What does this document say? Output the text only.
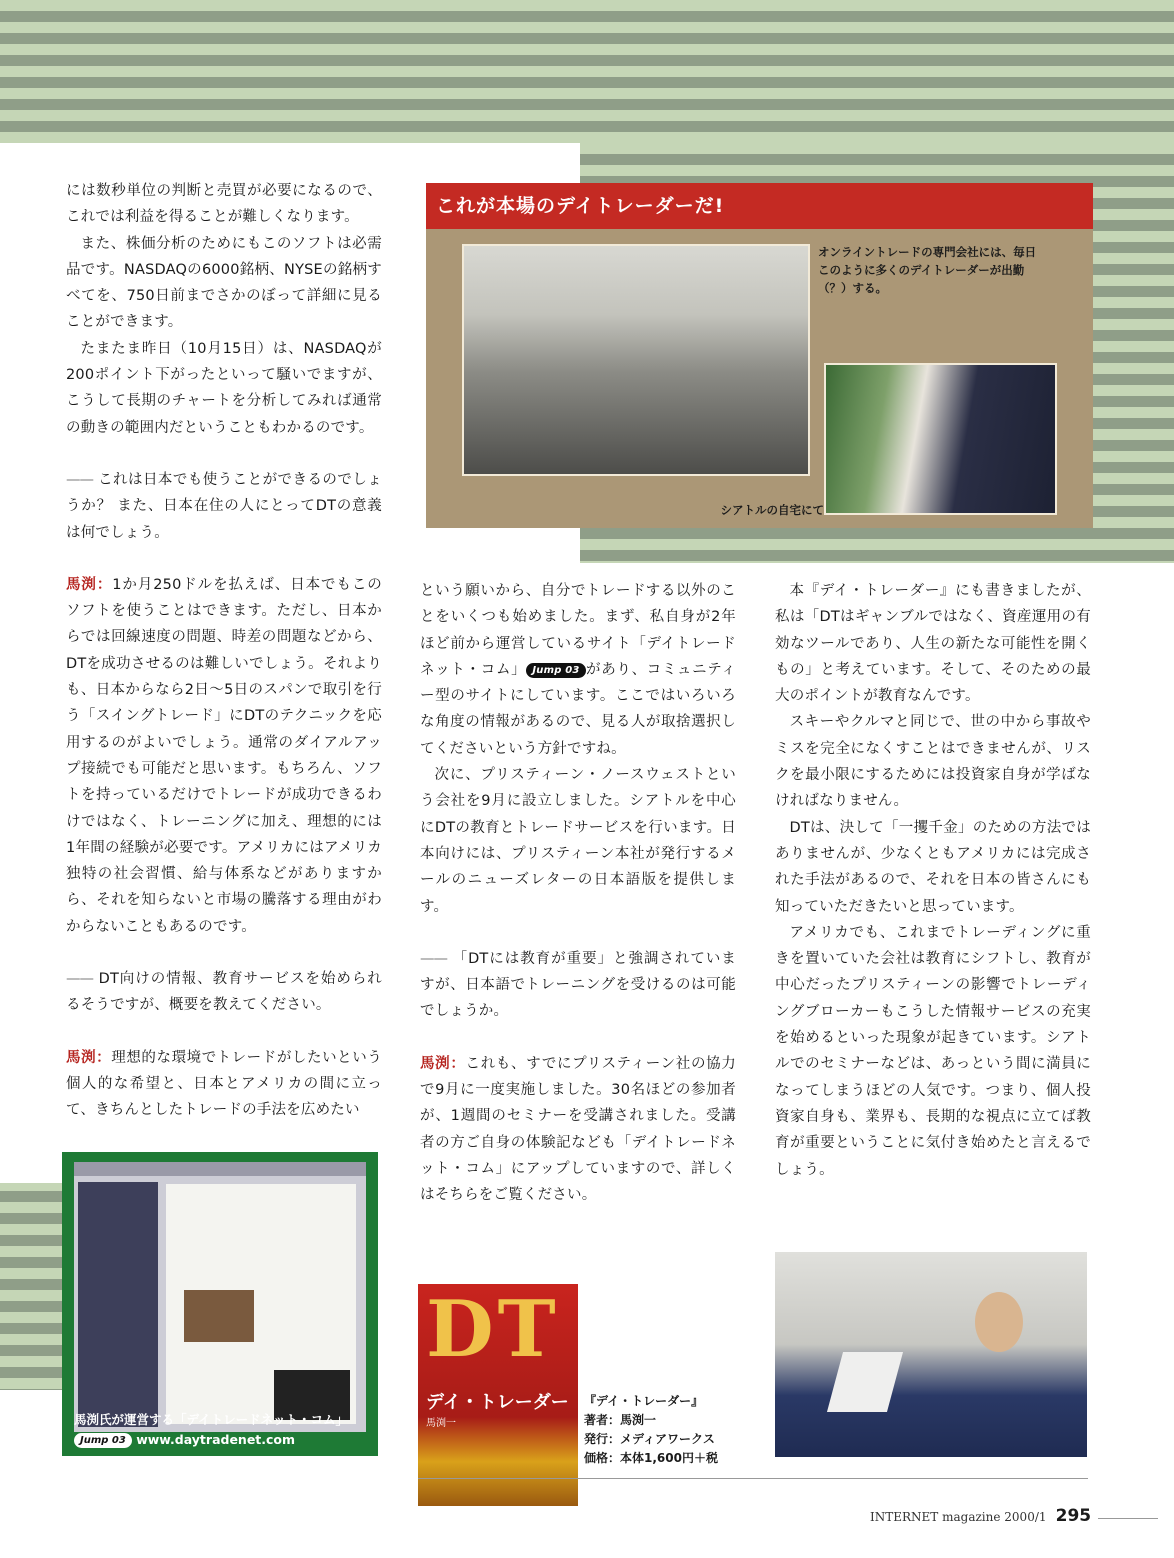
には数秒単位の判断と売買が必要になるので、これでは利益を得ることが難しくなります。

また、株価分析のためにもこのソフトは必需品です。NASDAQの6000銘柄、NYSEの銘柄すべてを、750日前までさかのぼって詳細に見ることができます。

たまたま昨日（10月15日）は、NASDAQが200ポイント下がったといって騒いでますが、こうして長期のチャートを分析してみれば通常の動きの範囲内だということもわかるのです。

—— これは日本でも使うことができるのでしょうか？ また、日本在住の人にとってDTの意義は何でしょう。

馬渕：1か月250ドルを払えば、日本でもこのソフトを使うことはできます。ただし、日本からでは回線速度の問題、時差の問題などから、DTを成功させるのは難しいでしょう。それよりも、日本からなら2日～5日のスパンで取引を行う「スイングトレード」にDTのテクニックを応用するのがよいでしょう。通常のダイアルアップ接続でも可能だと思います。もちろん、ソフトを持っているだけでトレードが成功できるわけではなく、トレーニングに加え、理想的には1年間の経験が必要です。アメリカにはアメリカ独特の社会習慣、給与体系などがありますから、それを知らないと市場の騰落する理由がわからないこともあるのです。

—— DT向けの情報、教育サービスを始められるそうですが、概要を教えてください。

馬渕：理想的な環境でトレードがしたいという個人的な希望と、日本とアメリカの間に立って、きちんとしたトレードの手法を広めたい

これが本場のデイトレーダーだ!
オンライントレードの専門会社には、毎日このように多くのデイトレーダーが出勤（？）する。
シアトルの自宅にて

という願いから、自分でトレードする以外のことをいくつも始めました。まず、私自身が2年ほど前から運営しているサイト「デイトレードネット・コム」 Jump 03 があり、コミュニティー型のサイトにしています。ここではいろいろな角度の情報があるので、見る人が取捨選択してくださいという方針ですね。

次に、プリスティーン・ノースウェストという会社を9月に設立しました。シアトルを中心にDTの教育とトレードサービスを行います。日本向けには、プリスティーン本社が発行するメールのニューズレターの日本語版を提供します。

—— 「DTには教育が重要」と強調されていますが、日本語でトレーニングを受けるのは可能でしょうか。

馬渕：これも、すでにプリスティーン社の協力で9月に一度実施しました。30名ほどの参加者が、1週間のセミナーを受講されました。受講者の方ご自身の体験記なども「デイトレードネット・コム」にアップしていますので、詳しくはそちらをご覧ください。

本『デイ・トレーダー』にも書きましたが、私は「DTはギャンブルではなく、資産運用の有効なツールであり、人生の新たな可能性を開くもの」と考えています。そして、そのための最大のポイントが教育なんです。

スキーやクルマと同じで、世の中から事故やミスを完全になくすことはできませんが、リスクを最小限にするためには投資家自身が学ばなければなりません。

DTは、決して「一攫千金」のための方法ではありませんが、少なくともアメリカには完成された手法があるので、それを日本の皆さんにも知っていただきたいと思っています。

アメリカでも、これまでトレーディングに重きを置いていた会社は教育にシフトし、教育が中心だったプリスティーンの影響でトレーディングブローカーもこうした情報サービスの充実を始めるといった現象が起きています。シアトルでのセミナーなどは、あっという間に満員になってしまうほどの人気です。つまり、個人投資家自身も、業界も、長期的な視点に立てば教育が重要ということに気付き始めたと言えるでしょう。

馬渕氏が運営する「デイトレードネット・コム」
Jump 03 www.daytradenet.com
DT
デイ・トレーダー
馬渕一
『デイ・トレーダー』
著者：馬渕一
発行：メディアワークス
価格：本体1,600円＋税
INTERNET magazine 2000/1 295
